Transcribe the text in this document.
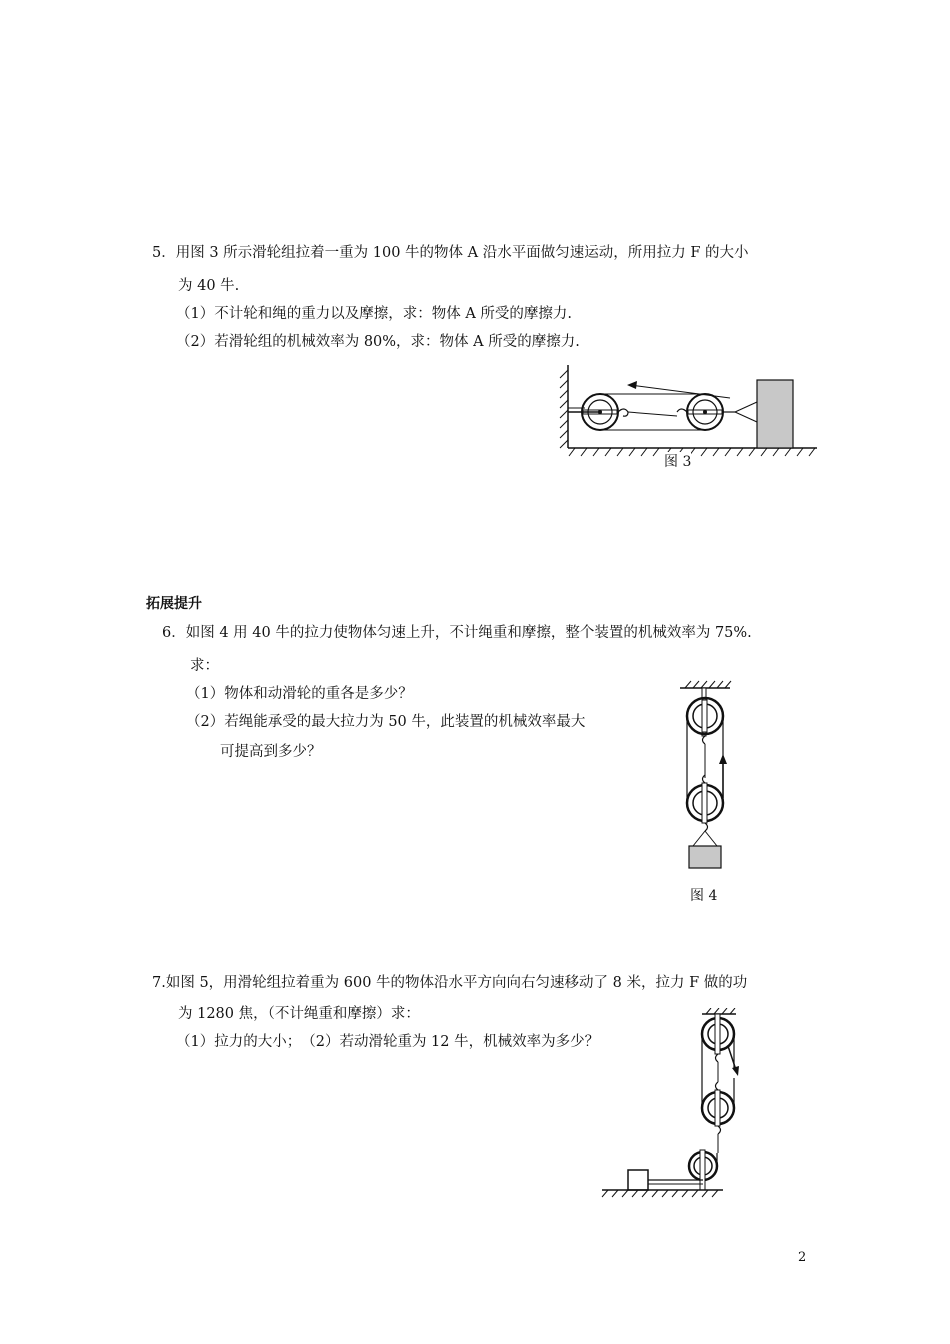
5．用图 3 所示滑轮组拉着一重为 100 牛的物体 A 沿水平面做匀速运动，所用拉力 F 的大小
为 40 牛.
（1）不计轮和绳的重力以及摩擦，求：物体 A 所受的摩擦力.
（2）若滑轮组的机械效率为 80%，求：物体 A 所受的摩擦力.
图 3
拓展提升
6．如图 4 用 40 牛的拉力使物体匀速上升，不计绳重和摩擦，整个装置的机械效率为 75%.
求：
（1）物体和动滑轮的重各是多少？
（2）若绳能承受的最大拉力为 50 牛，此装置的机械效率最大
可提高到多少？
图 4
7.如图 5，用滑轮组拉着重为 600 牛的物体沿水平方向向右匀速移动了 8 米，拉力 F 做的功
为 1280 焦，（不计绳重和摩擦）求：
（1）拉力的大小；　（2）若动滑轮重为 12 牛，机械效率为多少？
2
